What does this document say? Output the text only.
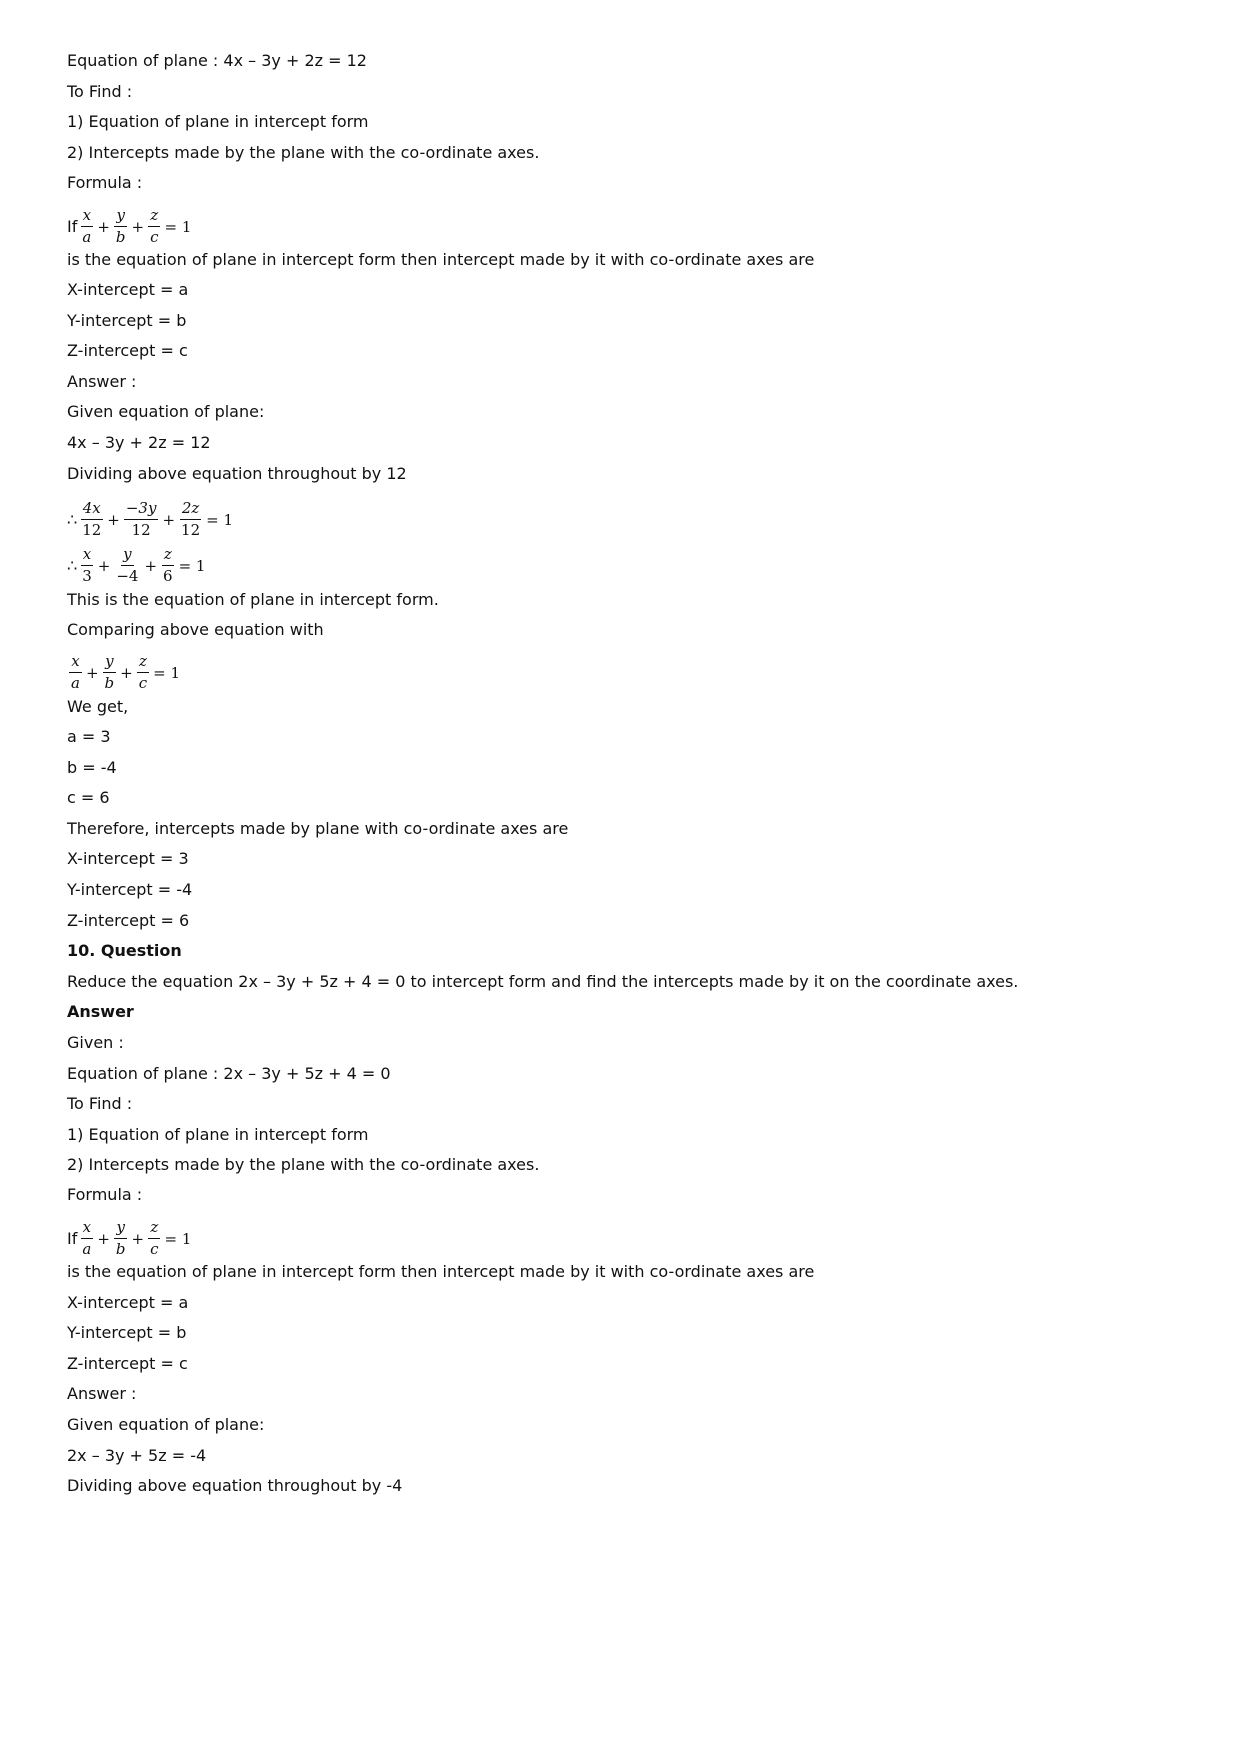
Equation of plane : 4x – 3y + 2z = 12
To Find :
1) Equation of plane in intercept form
2) Intercepts made by the plane with the co-ordinate axes.
Formula :
If
x
a
+ $\frac{y}{b} + \frac{z}{c} = 1$
is the equation of plane in intercept form then intercept made by it with co-ordinate axes are
X-intercept = a
Y-intercept = b
Z-intercept = c
Answer :
Given equation of plane:
4x – 3y + 2z = 12
Dividing above equation throughout by 12
∴
4x
12
+ $\frac{-3y}{12} + \frac{2z}{12} = 1$
∴
x
3
+ $\frac{y}{-4} + \frac{z}{6} = 1$
This is the equation of plane in intercept form.
Comparing above equation with
x
a
+ $\frac{y}{b} + \frac{z}{c} = 1$
We get,
a = 3
b = -4
c = 6
Therefore, intercepts made by plane with co-ordinate axes are
X-intercept = 3
Y-intercept = -4
Z-intercept = 6
10. Question
Reduce the equation 2x – 3y + 5z + 4 = 0 to intercept form and find the intercepts made by it on the coordinate axes.
Answer
Given :
Equation of plane : 2x – 3y + 5z + 4 = 0
To Find :
1) Equation of plane in intercept form
2) Intercepts made by the plane with the co-ordinate axes.
Formula :
If
x
a
+ $\frac{y}{b} + \frac{z}{c} = 1$
is the equation of plane in intercept form then intercept made by it with co-ordinate axes are
X-intercept = a
Y-intercept = b
Z-intercept = c
Answer :
Given equation of plane:
2x – 3y + 5z = -4
Dividing above equation throughout by -4
